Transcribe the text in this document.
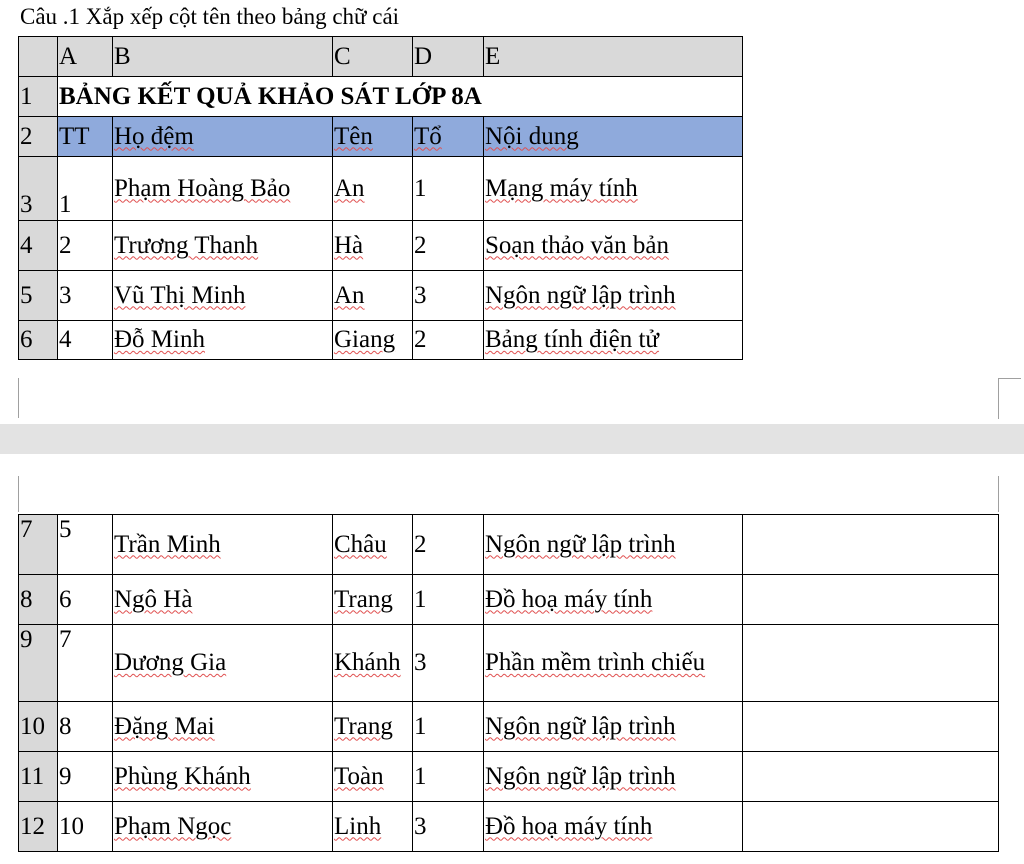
Câu .1 Xắp xếp cột tên theo bảng chữ cái
	A	B	C	D	E
1	BẢNG KẾT QUẢ KHẢO SÁT LỚP 8A				
2	TT	Họ đệm	Tên	Tổ	Nội dung
3	1	Phạm Hoàng Bảo	An	1	Mạng máy tính
4	2	Trương Thanh	Hà	2	Soạn thảo văn bản
5	3	Vũ Thị Minh	An	3	Ngôn ngữ lập trình
6	4	Đỗ Minh	Giang	2	Bảng tính điện tử
7	5	Trần Minh	Châu	2	Ngôn ngữ lập trình	
8	6	Ngô Hà	Trang	1	Đồ hoạ máy tính	
9	7	Dương Gia	Khánh	3	Phần mềm trình chiếu	
10	8	Đặng Mai	Trang	1	Ngôn ngữ lập trình	
11	9	Phùng Khánh	Toàn	1	Ngôn ngữ lập trình	
12	10	Phạm Ngọc	Linh	3	Đồ hoạ máy tính	
